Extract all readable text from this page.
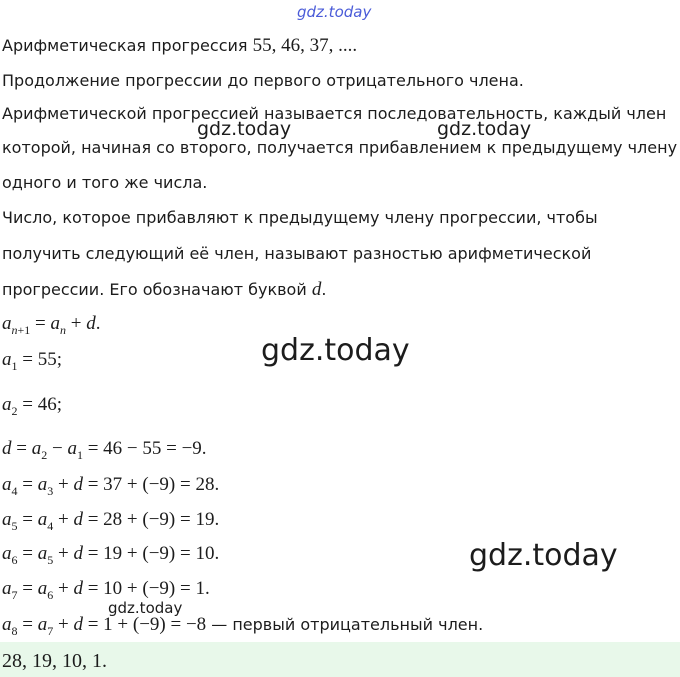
gdz.today
Арифметическая прогрессия 55, 46, 37, ....
Продолжение прогрессии до первого отрицательного члена.
Арифметической прогрессией называется последовательность, каждый член
gdz.today	gdz.today
которой, начиная со второго, получается прибавлением к предыдущему члену
одного и того же числа.
Число, которое прибавляют к предыдущему члену прогрессии, чтобы
получить следующий её член, называют разностью арифметической
прогрессии. Его обозначают буквой d.
$a_{n+1} = a_n + d$.
gdz.today
$a_1 = 55$;
$a_2 = 46$;
$d = a_2 - a_1 = 46 - 55 = -9$.
$a_4 = a_3 + d = 37 + (-9) = 28$.
$a_5 = a_4 + d = 28 + (-9) = 19$.
gdz.today
$a_6 = a_5 + d = 19 + (-9) = 10$.
$a_7 = a_6 + d = 10 + (-9) = 1$.
gdz.today
$a_8 = a_7 + d = 1 + (-9) = -8$ — первый отрицательный член.
28, 19, 10, 1.
